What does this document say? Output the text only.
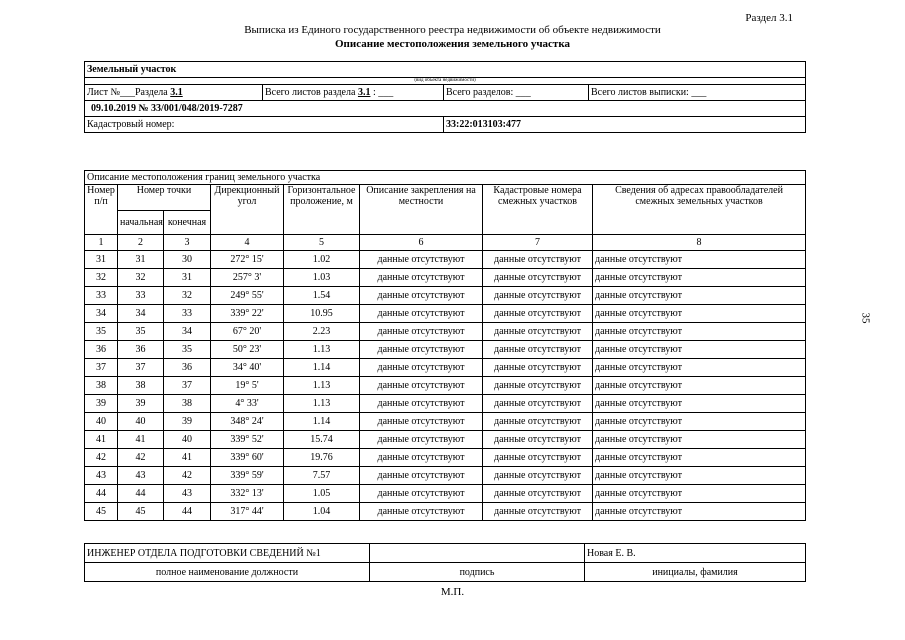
Раздел 3.1
Выписка из Единого государственного реестра недвижимости об объекте недвижимости
Описание местоположения земельного участка
Земельный участок			
(вид объекта недвижимости)			
Лист №___Раздела 3.1	Всего листов раздела 3.1 : ___	Всего разделов: ___	Всего листов выписки: ___
09.10.2019 № 33/001/048/2019-7287			
Кадастровый номер:		33:22:013103:477	
Описание местоположения границ земельного участка							
Номер п/п	Номер точки		Дирекционный угол	Горизонтальное проложение, м	Описание закрепления на местности	Кадастровые номера смежных участков	Сведения об адресах правообладателей смежных земельных участков
	начальная	конечная					
1	2	3	4	5	6	7	8
31	31	30	272° 15'	1.02	данные отсутствуют	данные отсутствуют	данные отсутствуют
32	32	31	257° 3'	1.03	данные отсутствуют	данные отсутствуют	данные отсутствуют
33	33	32	249° 55'	1.54	данные отсутствуют	данные отсутствуют	данные отсутствуют
34	34	33	339° 22'	10.95	данные отсутствуют	данные отсутствуют	данные отсутствуют
35	35	34	67° 20'	2.23	данные отсутствуют	данные отсутствуют	данные отсутствуют
36	36	35	50° 23'	1.13	данные отсутствуют	данные отсутствуют	данные отсутствуют
37	37	36	34° 40'	1.14	данные отсутствуют	данные отсутствуют	данные отсутствуют
38	38	37	19° 5'	1.13	данные отсутствуют	данные отсутствуют	данные отсутствуют
39	39	38	4° 33'	1.13	данные отсутствуют	данные отсутствуют	данные отсутствуют
40	40	39	348° 24'	1.14	данные отсутствуют	данные отсутствуют	данные отсутствуют
41	41	40	339° 52'	15.74	данные отсутствуют	данные отсутствуют	данные отсутствуют
42	42	41	339° 60'	19.76	данные отсутствуют	данные отсутствуют	данные отсутствуют
43	43	42	339° 59'	7.57	данные отсутствуют	данные отсутствуют	данные отсутствуют
44	44	43	332° 13'	1.05	данные отсутствуют	данные отсутствуют	данные отсутствуют
45	45	44	317° 44'	1.04	данные отсутствуют	данные отсутствуют	данные отсутствуют
ИНЖЕНЕР ОТДЕЛА ПОДГОТОВКИ СВЕДЕНИЙ №1		Новая Е. В.
полное наименование должности	подпись	инициалы, фамилия
М.П.
35
